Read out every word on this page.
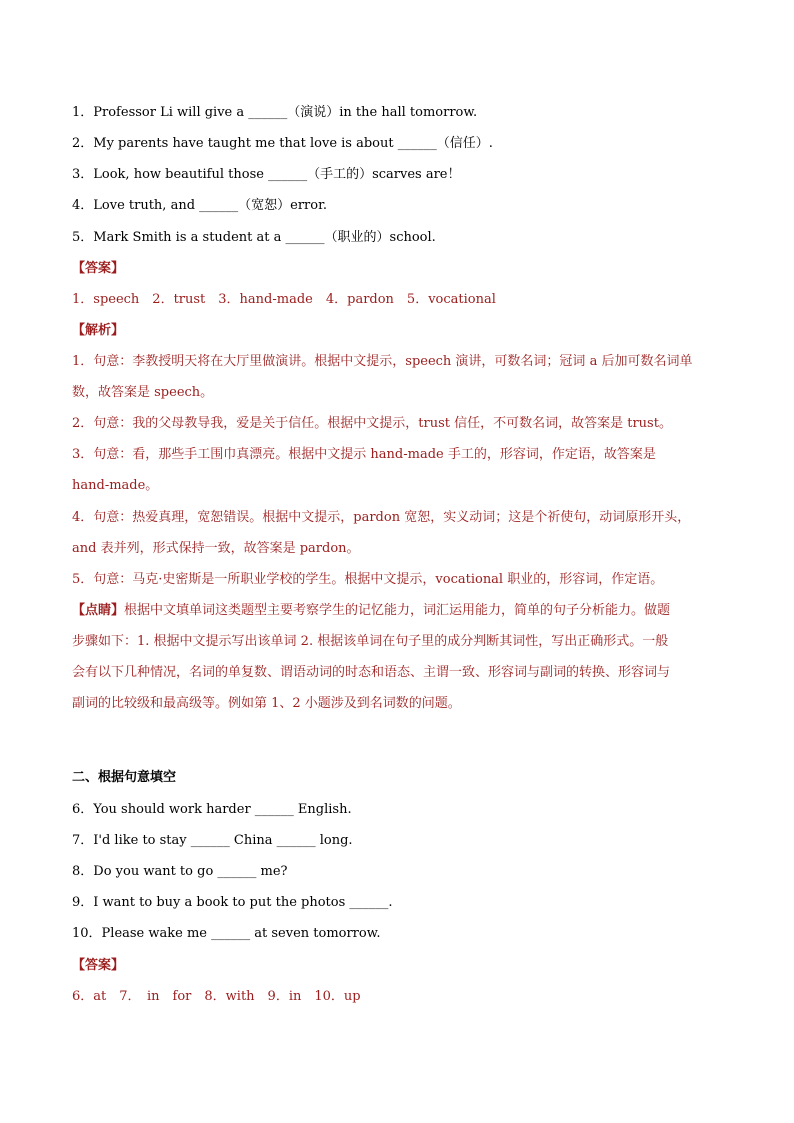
1．Professor Li will give a ______（演说）in the hall tomorrow.
2．My parents have taught me that love is about ______（信任）.
3．Look, how beautiful those ______（手工的）scarves are！
4．Love truth, and ______（宽恕）error.
5．Mark Smith is a student at a ______（职业的）school.
【答案】
1．speech　2．trust　3．hand-made　4．pardon　5．vocational
【解析】
1．句意：李教授明天将在大厅里做演讲。根据中文提示，speech 演讲，可数名词；冠词 a 后加可数名词单
数，故答案是 speech。
2．句意：我的父母教导我，爱是关于信任。根据中文提示，trust 信任，不可数名词，故答案是 trust。
3．句意：看，那些手工围巾真漂亮。根据中文提示 hand-made 手工的，形容词，作定语，故答案是
hand-made。
4．句意：热爱真理，宽恕错误。根据中文提示，pardon 宽恕，实义动词；这是个祈使句，动词原形开头，
and 表并列，形式保持一致，故答案是 pardon。
5．句意：马克·史密斯是一所职业学校的学生。根据中文提示，vocational 职业的，形容词，作定语。
【点睛】根据中文填单词这类题型主要考察学生的记忆能力，词汇运用能力，简单的句子分析能力。做题
步骤如下：1. 根据中文提示写出该单词 2. 根据该单词在句子里的成分判断其词性，写出正确形式。一般
会有以下几种情况，名词的单复数、谓语动词的时态和语态、主谓一致、形容词与副词的转换、形容词与
副词的比较级和最高级等。例如第 1、2 小题涉及到名词数的问题。
二、根据句意填空
6．You should work harder ______ English.
7．I'd like to stay ______ China ______ long.
8．Do you want to go ______ me?
9．I want to buy a book to put the photos ______.
10．Please wake me ______ at seven tomorrow.
【答案】
6．at　7．　in　for　8．with　9．in　10．up
